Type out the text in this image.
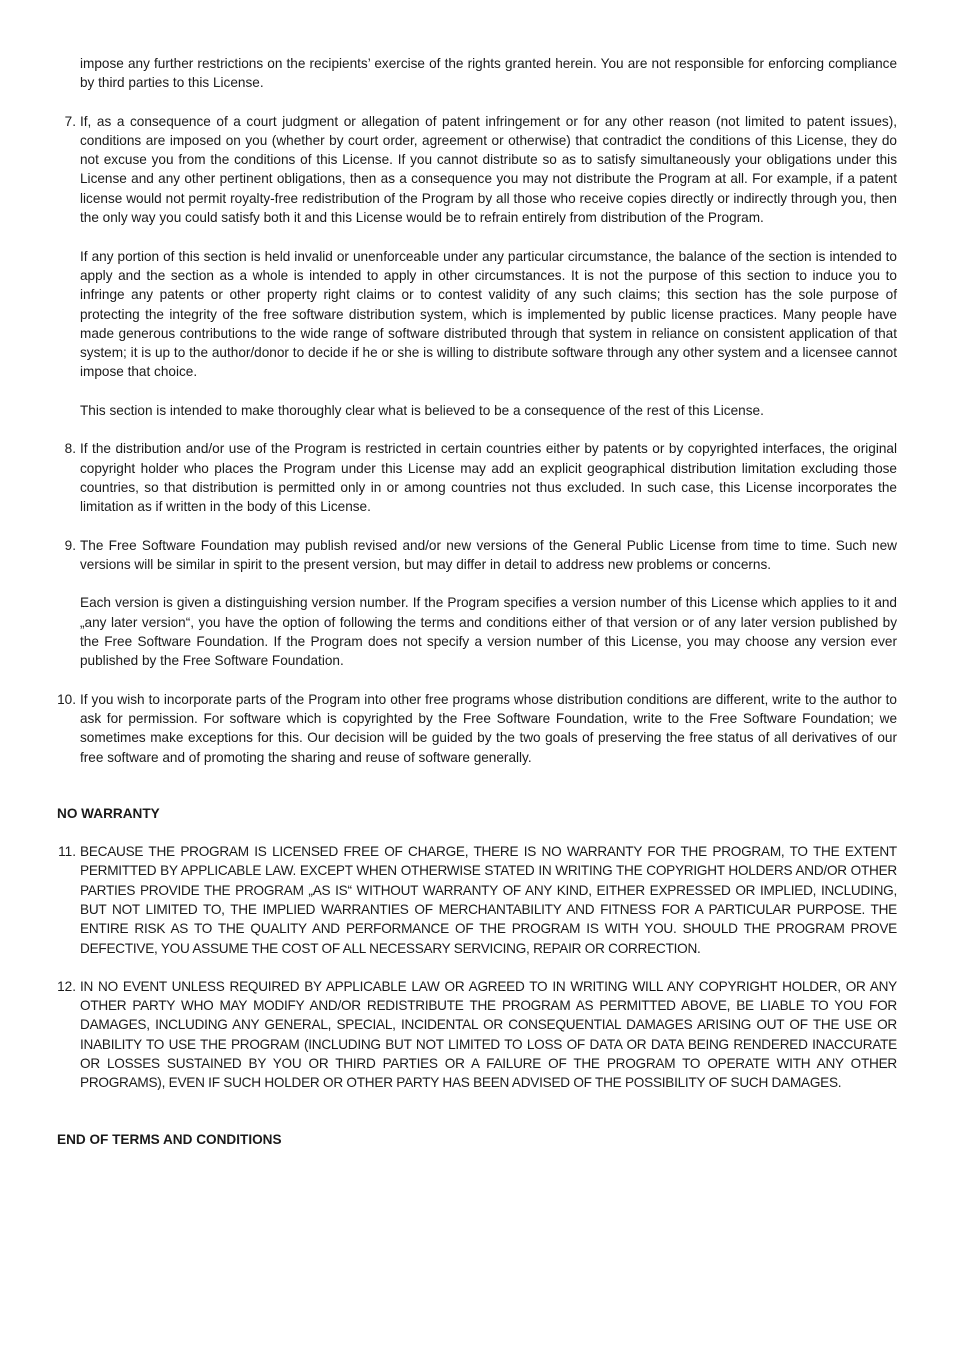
impose any further restrictions on the recipients’ exercise of the rights granted herein. You are not responsible for enforcing compliance by third parties to this License.

7. If, as a consequence of a court judgment or allegation of patent infringement or for any other reason (not limited to patent issues), conditions are imposed on you (whether by court order, agreement or otherwise) that contradict the conditions of this License, they do not excuse you from the conditions of this License. If you cannot distribute so as to satisfy simultaneously your obligations under this License and any other pertinent obligations, then as a consequence you may not distribute the Program at all. For example, if a patent license would not permit royalty-free redistribution of the Program by all those who receive copies directly or indirectly through you, then the only way you could satisfy both it and this License would be to refrain entirely from distribution of the Program.

If any portion of this section is held invalid or unenforceable under any particular circumstance, the balance of the section is intended to apply and the section as a whole is intended to apply in other circumstances. It is not the purpose of this section to induce you to infringe any patents or other property right claims or to contest validity of any such claims; this section has the sole purpose of protecting the integrity of the free software distribution system, which is implemented by public license practices. Many people have made generous contributions to the wide range of software distributed through that system in reliance on consistent application of that system; it is up to the author/donor to decide if he or she is willing to distribute software through any other system and a licensee cannot impose that choice.

This section is intended to make thoroughly clear what is believed to be a consequence of the rest of this License.

8. If the distribution and/or use of the Program is restricted in certain countries either by patents or by copyrighted interfaces, the original copyright holder who places the Program under this License may add an explicit geographical distribution limitation excluding those countries, so that distribution is permitted only in or among countries not thus excluded. In such case, this License incorporates the limitation as if written in the body of this License.

9. The Free Software Foundation may publish revised and/or new versions of the General Public License from time to time. Such new versions will be similar in spirit to the present version, but may differ in detail to address new problems or concerns.

Each version is given a distinguishing version number. If the Program specifies a version number of this License which applies to it and „any later version“, you have the option of following the terms and conditions either of that version or of any later version published by the Free Software Foundation. If the Program does not specify a version number of this License, you may choose any version ever published by the Free Software Foundation.

10. If you wish to incorporate parts of the Program into other free programs whose distribution conditions are different, write to the author to ask for permission. For software which is copyrighted by the Free Software Foundation, write to the Free Software Foundation; we sometimes make exceptions for this. Our decision will be guided by the two goals of preserving the free status of all derivatives of our free software and of promoting the sharing and reuse of software generally.

NO WARRANTY
11. BECAUSE THE PROGRAM IS LICENSED FREE OF CHARGE, THERE IS NO WARRANTY FOR THE PROGRAM, TO THE EXTENT PERMITTED BY APPLICABLE LAW. EXCEPT WHEN OTHERWISE STATED IN WRITING THE COPYRIGHT HOLDERS AND/OR OTHER PARTIES PROVIDE THE PROGRAM „AS IS“ WITHOUT WARRANTY OF ANY KIND, EITHER EXPRESSED OR IMPLIED, INCLUDING, BUT NOT LIMITED TO, THE IMPLIED WARRANTIES OF MERCHANTABILITY AND FITNESS FOR A PARTICULAR PURPOSE. THE ENTIRE RISK AS TO THE QUALITY AND PERFORMANCE OF THE PROGRAM IS WITH YOU. SHOULD THE PROGRAM PROVE DEFECTIVE, YOU ASSUME THE COST OF ALL NECESSARY SERVICING, REPAIR OR CORRECTION.

12. IN NO EVENT UNLESS REQUIRED BY APPLICABLE LAW OR AGREED TO IN WRITING WILL ANY COPYRIGHT HOLDER, OR ANY OTHER PARTY WHO MAY MODIFY AND/OR REDISTRIBUTE THE PROGRAM AS PERMITTED ABOVE, BE LIABLE TO YOU FOR DAMAGES, INCLUDING ANY GENERAL, SPECIAL, INCIDENTAL OR CONSEQUENTIAL DAMAGES ARISING OUT OF THE USE OR INABILITY TO USE THE PROGRAM (INCLUDING BUT NOT LIMITED TO LOSS OF DATA OR DATA BEING RENDERED INACCURATE OR LOSSES SUSTAINED BY YOU OR THIRD PARTIES OR A FAILURE OF THE PROGRAM TO OPERATE WITH ANY OTHER PROGRAMS), EVEN IF SUCH HOLDER OR OTHER PARTY HAS BEEN ADVISED OF THE POSSIBILITY OF SUCH DAMAGES.

END OF TERMS AND CONDITIONS
